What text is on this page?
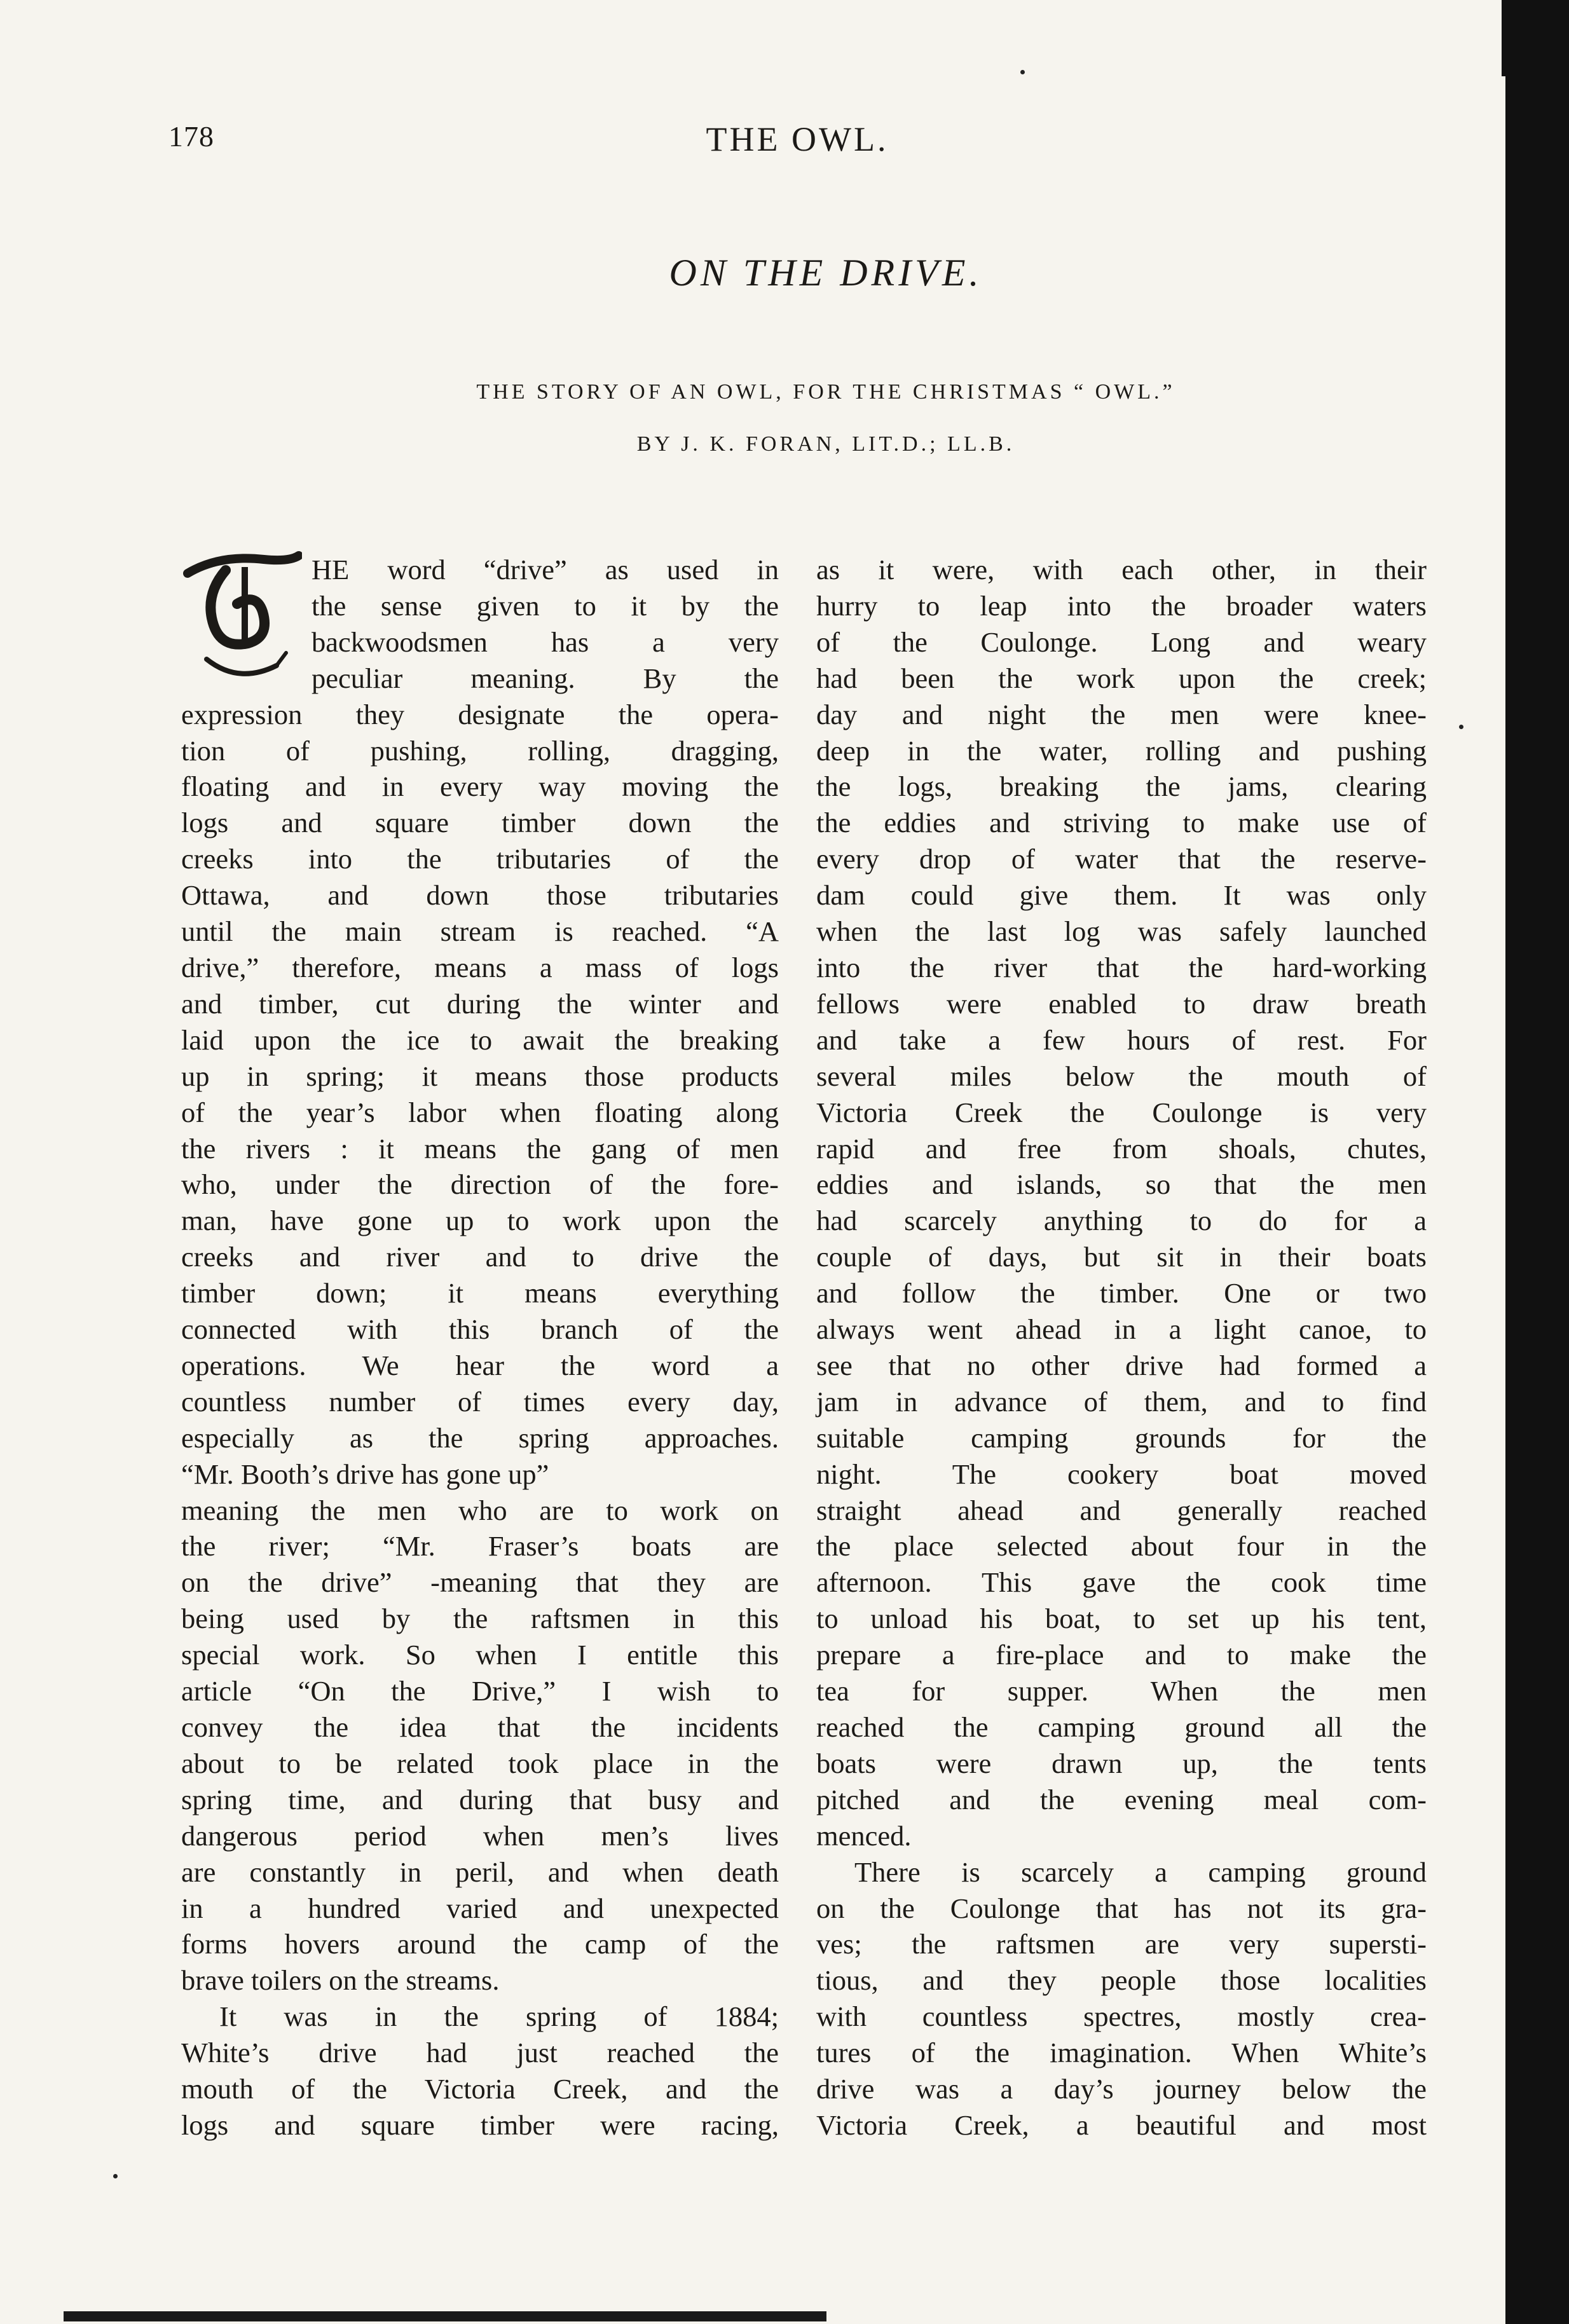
178	THE OWL.
ON THE DRIVE.
THE STORY OF AN OWL, FOR THE CHRISTMAS “ OWL.”
BY J. K. FORAN, LIT.D.; LL.B.
HE word “drive” as used in
the sense given to it by the
backwoodsmen has a very
peculiar meaning. By the
expression they designate the opera-
tion of pushing, rolling, dragging,
floating and in every way moving the
logs and square timber down the
creeks into the tributaries of the
Ottawa, and down those tributaries
until the main stream is reached. “A
drive,” therefore, means a mass of logs
and timber, cut during the winter and
laid upon the ice to await the breaking
up in spring; it means those products
of the year’s labor when floating along
the rivers : it means the gang of men
who, under the direction of the fore-
man, have gone up to work upon the
creeks and river and to drive the
timber down; it means everything
connected with this branch of the
operations. We hear the word a
countless number of times every day,
especially as the spring approaches.
“Mr. Booth’s drive has gone up”
meaning the men who are to work on
the river; “Mr. Fraser’s boats are
on the drive” -meaning that they are
being used by the raftsmen in this
special work. So when I entitle this
article “On the Drive,” I wish to
convey the idea that the incidents
about to be related took place in the
spring time, and during that busy and
dangerous period when men’s lives
are constantly in peril, and when death
in a hundred varied and unexpected
forms hovers around the camp of the
brave toilers on the streams.
It was in the spring of 1884;
White’s drive had just reached the
mouth of the Victoria Creek, and the
logs and square timber were racing,
as it were, with each other, in their
hurry to leap into the broader waters
of the Coulonge. Long and weary
had been the work upon the creek;
day and night the men were knee-
deep in the water, rolling and pushing
the logs, breaking the jams, clearing
the eddies and striving to make use of
every drop of water that the reserve-
dam could give them. It was only
when the last log was safely launched
into the river that the hard-working
fellows were enabled to draw breath
and take a few hours of rest. For
several miles below the mouth of
Victoria Creek the Coulonge is very
rapid and free from shoals, chutes,
eddies and islands, so that the men
had scarcely anything to do for a
couple of days, but sit in their boats
and follow the timber. One or two
always went ahead in a light canoe, to
see that no other drive had formed a
jam in advance of them, and to find
suitable camping grounds for the
night. The cookery boat moved
straight ahead and generally reached
the place selected about four in the
afternoon. This gave the cook time
to unload his boat, to set up his tent,
prepare a fire-place and to make the
tea for supper. When the men
reached the camping ground all the
boats were drawn up, the tents
pitched and the evening meal com-
menced.
There is scarcely a camping ground
on the Coulonge that has not its gra-
ves; the raftsmen are very supersti-
tious, and they people those localities
with countless spectres, mostly crea-
tures of the imagination. When White’s
drive was a day’s journey below the
Victoria Creek, a beautiful and most
